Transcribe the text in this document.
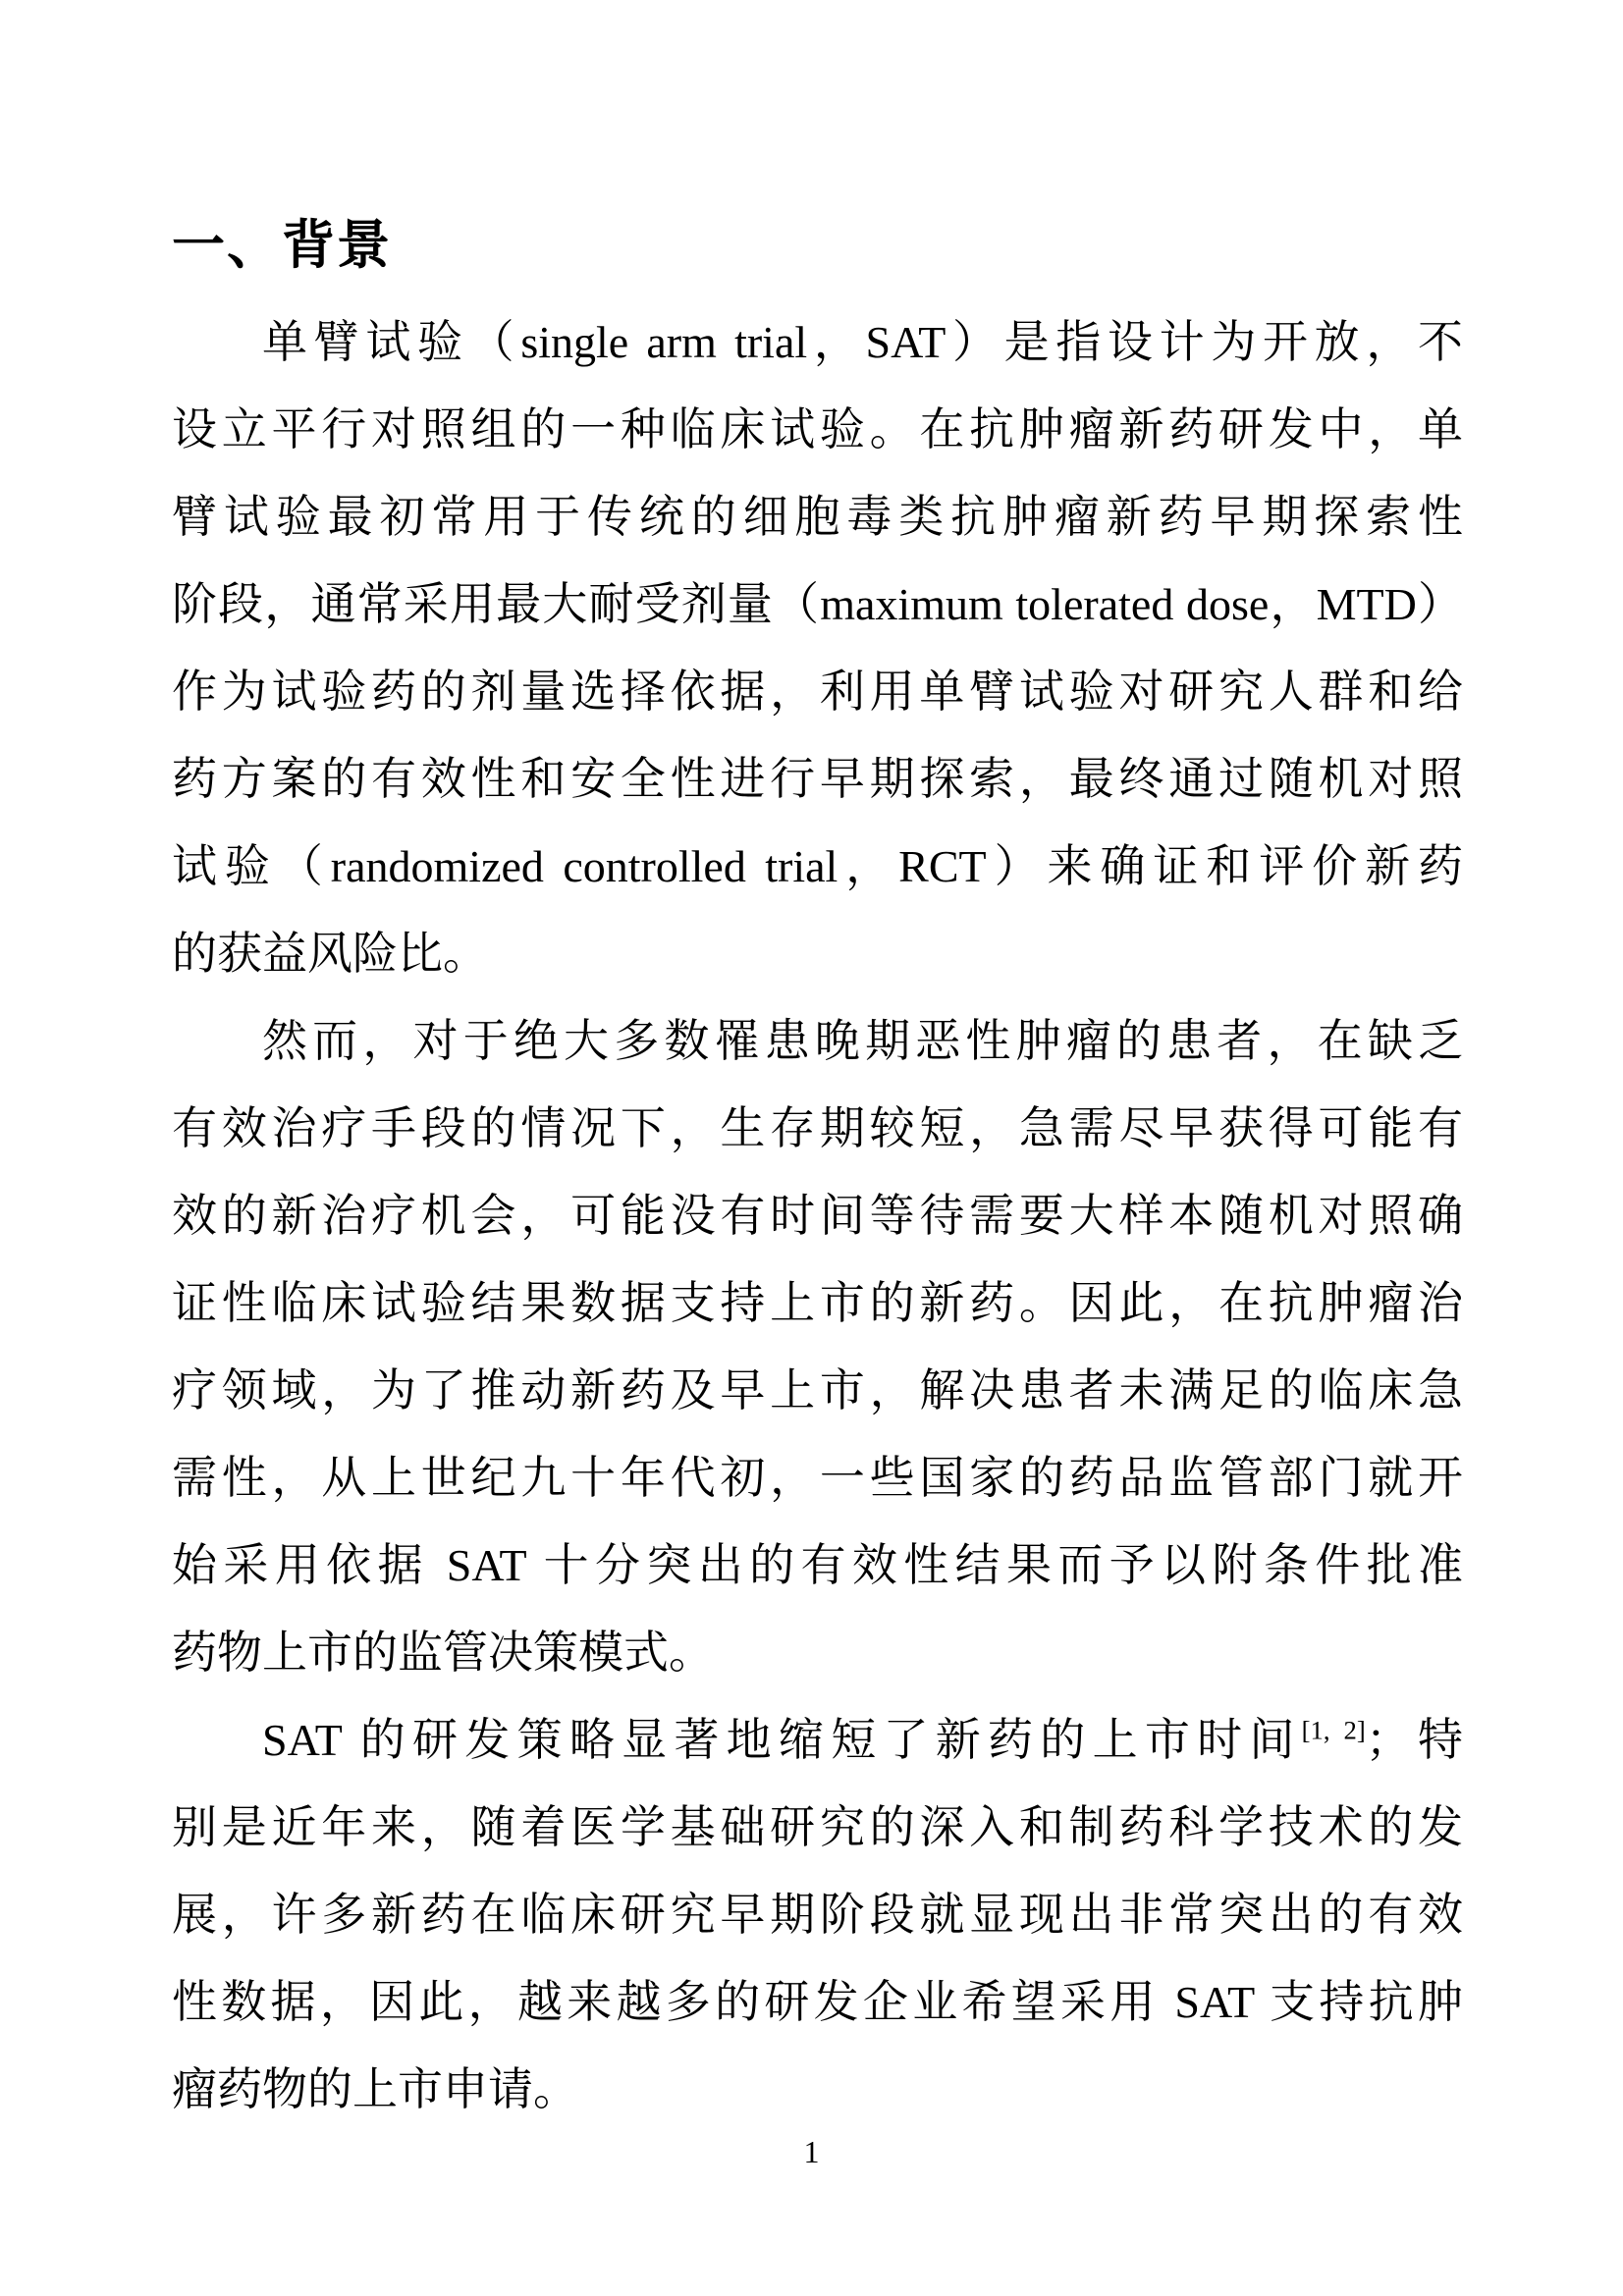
一、背景
单臂试验（single arm trial，SAT）是指设计为开放，不
设立平行对照组的一种临床试验。在抗肿瘤新药研发中，单
臂试验最初常用于传统的细胞毒类抗肿瘤新药早期探索性
阶段，通常采用最大耐受剂量（maximum tolerated dose，MTD）
作为试验药的剂量选择依据，利用单臂试验对研究人群和给
药方案的有效性和安全性进行早期探索，最终通过随机对照
试验（randomized controlled trial，RCT）来确证和评价新药
的获益风险比。
然而，对于绝大多数罹患晚期恶性肿瘤的患者，在缺乏
有效治疗手段的情况下，生存期较短，急需尽早获得可能有
效的新治疗机会，可能没有时间等待需要大样本随机对照确
证性临床试验结果数据支持上市的新药。因此，在抗肿瘤治
疗领域，为了推动新药及早上市，解决患者未满足的临床急
需性，从上世纪九十年代初，一些国家的药品监管部门就开
始采用依据 SAT 十分突出的有效性结果而予以附条件批准
药物上市的监管决策模式。
SAT 的研发策略显著地缩短了新药的上市时间[1, 2]；特
别是近年来，随着医学基础研究的深入和制药科学技术的发
展，许多新药在临床研究早期阶段就显现出非常突出的有效
性数据，因此，越来越多的研发企业希望采用 SAT 支持抗肿
瘤药物的上市申请。
1
